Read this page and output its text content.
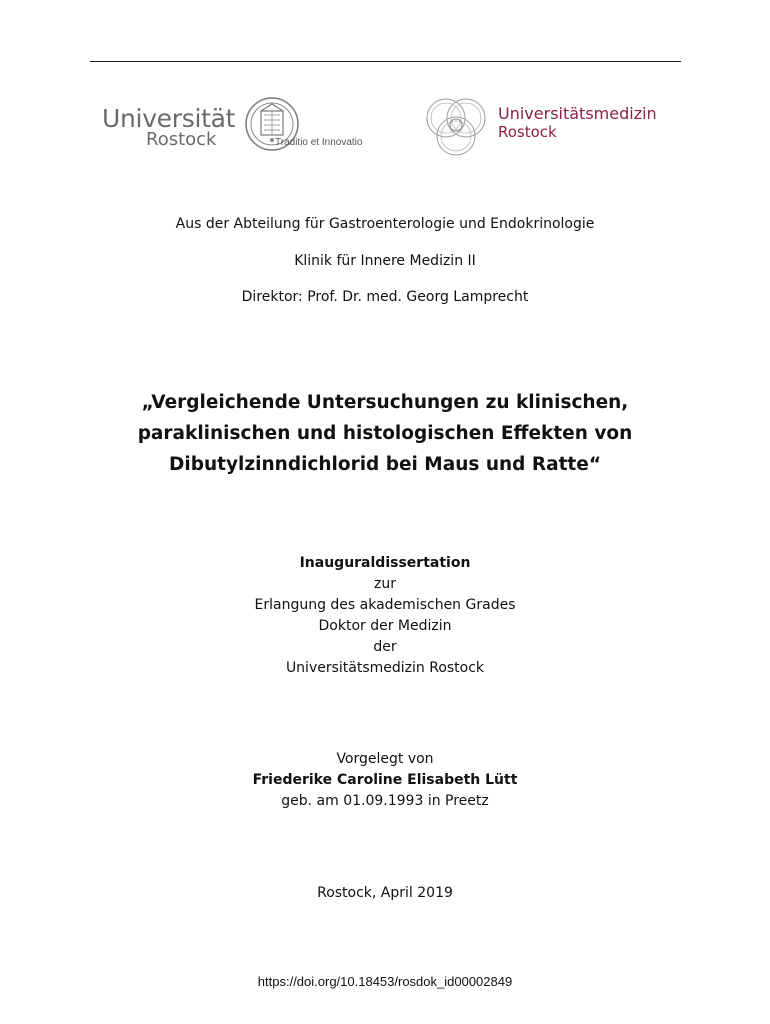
Universität
Rostock	Traditio et Innovatio
Universitätsmedizin
Rostock
Aus der Abteilung für Gastroenterologie und Endokrinologie
Klinik für Innere Medizin II
Direktor: Prof. Dr. med. Georg Lamprecht
„Vergleichende Untersuchungen zu klinischen,
paraklinischen und histologischen Effekten von
Dibutylzinndichlorid bei Maus und Ratte“
Inauguraldissertation
zur
Erlangung des akademischen Grades
Doktor der Medizin
der
Universitätsmedizin Rostock
Vorgelegt von
Friederike Caroline Elisabeth Lütt
geb. am 01.09.1993 in Preetz
Rostock, April 2019
https://doi.org/10.18453/rosdok_id00002849
